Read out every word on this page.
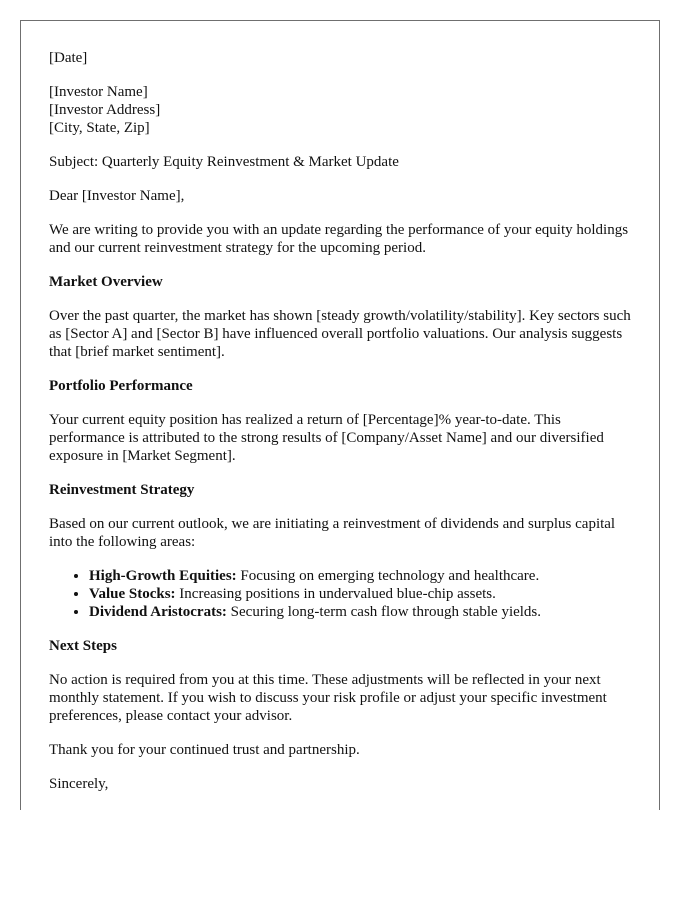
[Date]

[Investor Name]
[Investor Address]
[City, State, Zip]

Subject: Quarterly Equity Reinvestment & Market Update

Dear [Investor Name],

We are writing to provide you with an update regarding the performance of your equity holdings and our current reinvestment strategy for the upcoming period.

Market Overview

Over the past quarter, the market has shown [steady growth/volatility/stability]. Key sectors such as [Sector A] and [Sector B] have influenced overall portfolio valuations. Our analysis suggests that [brief market sentiment].

Portfolio Performance

Your current equity position has realized a return of [Percentage]% year-to-date. This performance is attributed to the strong results of [Company/Asset Name] and our diversified exposure in [Market Segment].

Reinvestment Strategy

Based on our current outlook, we are initiating a reinvestment of dividends and surplus capital into the following areas:

• High-Growth Equities: Focusing on emerging technology and healthcare.
• Value Stocks: Increasing positions in undervalued blue-chip assets.
• Dividend Aristocrats: Securing long-term cash flow through stable yields.
Next Steps

No action is required from you at this time. These adjustments will be reflected in your next monthly statement. If you wish to discuss your risk profile or adjust your specific investment preferences, please contact your advisor.

Thank you for your continued trust and partnership.

Sincerely,
